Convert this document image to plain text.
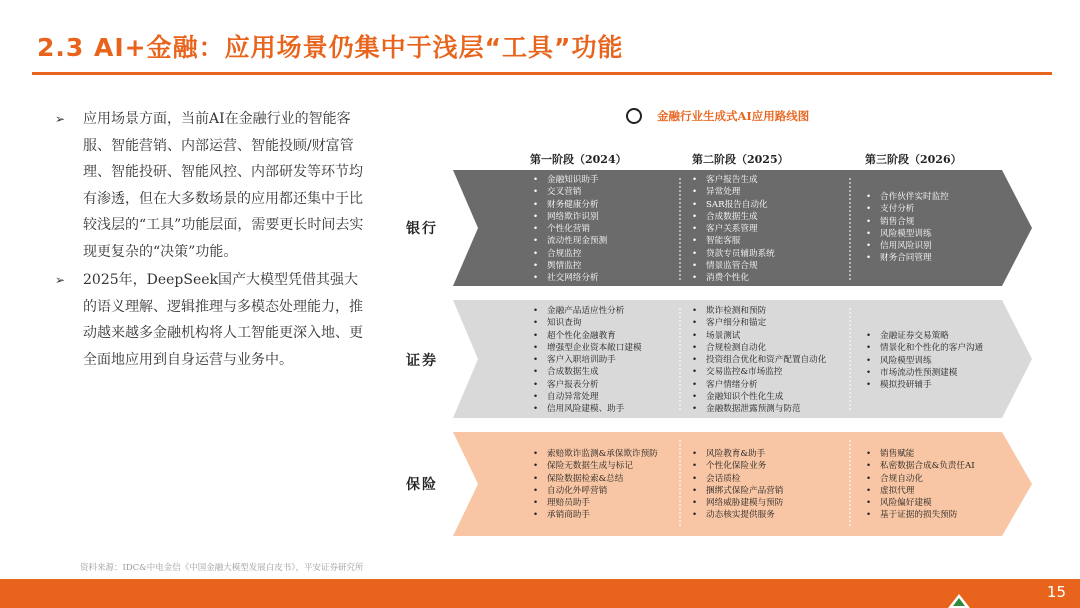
2.3 AI+金融：应用场景仍集中于浅层“工具”功能
➢ 应用场景方面，当前AI在金融行业的智能客服、智能营销、内部运营、智能投顾/财富管理、智能投研、智能风控、内部研发等环节均有渗透，但在大多数场景的应用都还集中于比较浅层的“工具”功能层面，需要更长时间去实现更复杂的“决策”功能。
➢ 2025年，DeepSeek国产大模型凭借其强大的语义理解、逻辑推理与多模态处理能力，推动越来越多金融机构将人工智能更深入地、更全面地应用到自身运营与业务中。
金融行业生成式AI应用路线图
第一阶段（2024）	第二阶段（2025）	第三阶段（2026）
银行
证券
保险
• 金融知识助手
• 交叉营销
• 财务健康分析
• 网络欺诈识别
• 个性化营销
• 流动性现金预测
• 合规监控
• 舆情监控
• 社交网络分析
• 客户报告生成
• 异常处理
• SAR报告自动化
• 合成数据生成
• 客户关系管理
• 智能客服
• 贷款专员辅助系统
• 情景监管合规
• 消费个性化
• 合作伙伴实时监控
• 支付分析
• 销售合规
• 风险模型训练
• 信用风险识别
• 财务合同管理
• 金融产品适应性分析
• 知识查询
• 超个性化金融教育
• 增强型企业资本敞口建模
• 客户入职培训助手
• 合成数据生成
• 客户报表分析
• 自动异常处理
• 信用风险建模、助手
• 欺诈检测和预防
• 客户细分和锚定
• 场景测试
• 合规检测自动化
• 投资组合优化和资产配置自动化
• 交易监控&市场监控
• 客户情绪分析
• 金融知识个性化生成
• 金融数据泄露预测与防范
• 金融证券交易策略
• 情景化和个性化的客户沟通
• 风险模型训练
• 市场流动性预测建模
• 模拟投研辅手
• 索赔欺诈监测&承保欺诈预防
• 保险无数据生成与标记
• 保险数据检索&总结
• 自动化外呼营销
• 理赔员助手
• 承销商助手
• 风险教育&助手
• 个性化保险业务
• 会话质检
• 捆绑式保险产品营销
• 网络威胁建模与预防
• 动态核实提供服务
• 销售赋能
• 私密数据合成&负责任AI
• 合规自动化
• 虚拟代理
• 风险偏好建模
• 基于证据的损失预防
资料来源：IDC&中电金信《中国金融大模型发展白皮书》，平安证券研究所
15
